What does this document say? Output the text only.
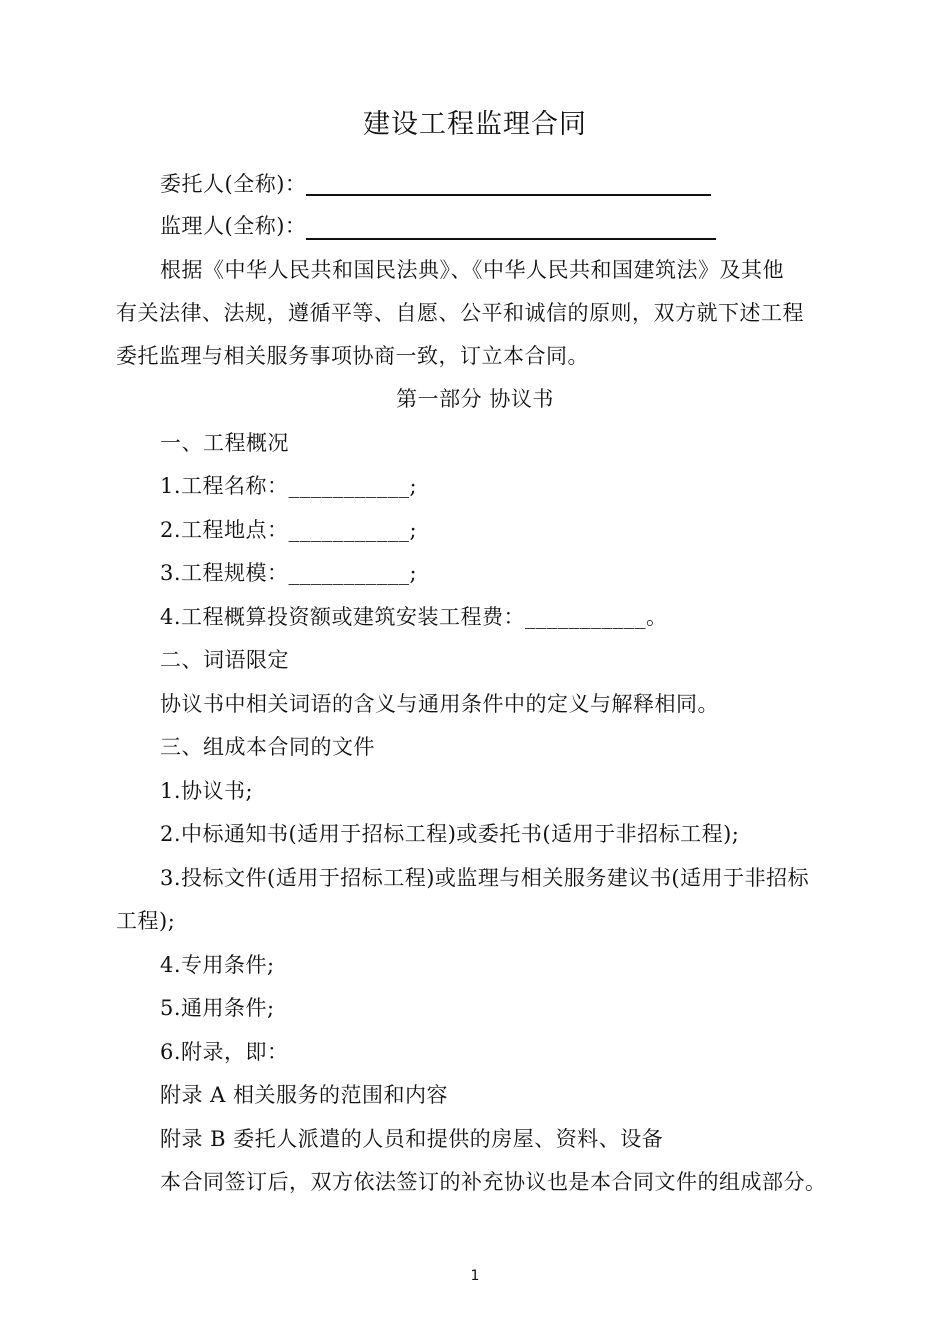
建设工程监理合同
委托人(全称)：
监理人(全称)：
根据《中华人民共和国民法典》、《中华人民共和国建筑法》及其他
有关法律、法规，遵循平等、自愿、公平和诚信的原则，双方就下述工程
委托监理与相关服务事项协商一致，订立本合同。
第一部分 协议书
一、工程概况
1.工程名称：___________;
2.工程地点：___________;
3.工程规模：___________;
4.工程概算投资额或建筑安装工程费：___________。
二、词语限定
协议书中相关词语的含义与通用条件中的定义与解释相同。
三、组成本合同的文件
1.协议书;
2.中标通知书(适用于招标工程)或委托书(适用于非招标工程);
3.投标文件(适用于招标工程)或监理与相关服务建议书(适用于非招标
工程);
4.专用条件;
5.通用条件;
6.附录，即：
附录 A 相关服务的范围和内容
附录 B 委托人派遣的人员和提供的房屋、资料、设备
本合同签订后，双方依法签订的补充协议也是本合同文件的组成部分。
1
